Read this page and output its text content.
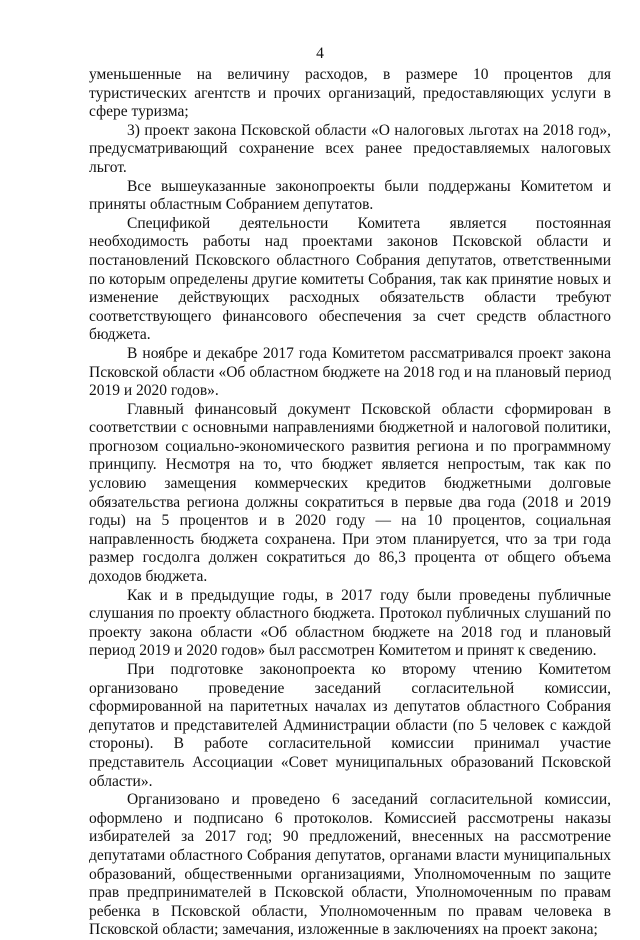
4

уменьшенные на величину расходов, в размере 10 процентов для туристических агентств и прочих организаций, предоставляющих услуги в сфере туризма;

3) проект закона Псковской области «О налоговых льготах на 2018 год», предусматривающий сохранение всех ранее предоставляемых налоговых льгот.

Все вышеуказанные законопроекты были поддержаны Комитетом и приняты областным Собранием депутатов.

Спецификой деятельности Комитета является постоянная необходимость работы над проектами законов Псковской области и постановлений Псковского областного Собрания депутатов, ответственными по которым определены другие комитеты Собрания, так как принятие новых и изменение действующих расходных обязательств области требуют соответствующего финансового обеспечения за счет средств областного бюджета.

В ноябре и декабре 2017 года Комитетом рассматривался проект закона Псковской области «Об областном бюджете на 2018 год и на плановый период 2019 и 2020 годов».

Главный финансовый документ Псковской области сформирован в соответствии с основными направлениями бюджетной и налоговой политики, прогнозом социально-экономического развития региона и по программному принципу. Несмотря на то, что бюджет является непростым, так как по условию замещения коммерческих кредитов бюджетными долговые обязательства региона должны сократиться в первые два года (2018 и 2019 годы) на 5 процентов и в 2020 году — на 10 процентов, социальная направленность бюджета сохранена. При этом планируется, что за три года размер госдолга должен сократиться до 86,3 процента от общего объема доходов бюджета.

Как и в предыдущие годы, в 2017 году были проведены публичные слушания по проекту областного бюджета. Протокол публичных слушаний по проекту закона области «Об областном бюджете на 2018 год и плановый период 2019 и 2020 годов» был рассмотрен Комитетом и принят к сведению.

При подготовке законопроекта ко второму чтению Комитетом организовано проведение заседаний согласительной комиссии, сформированной на паритетных началах из депутатов областного Собрания депутатов и представителей Администрации области (по 5 человек с каждой стороны). В работе согласительной комиссии принимал участие представитель Ассоциации «Совет муниципальных образований Псковской области».

Организовано и проведено 6 заседаний согласительной комиссии, оформлено и подписано 6 протоколов. Комиссией рассмотрены наказы избирателей за 2017 год; 90 предложений, внесенных на рассмотрение депутатами областного Собрания депутатов, органами власти муниципальных образований, общественными организациями, Уполномоченным по защите прав предпринимателей в Псковской области, Уполномоченным по правам ребенка в Псковской области, Уполномоченным по правам человека в Псковской области; замечания, изложенные в заключениях на проект закона;
